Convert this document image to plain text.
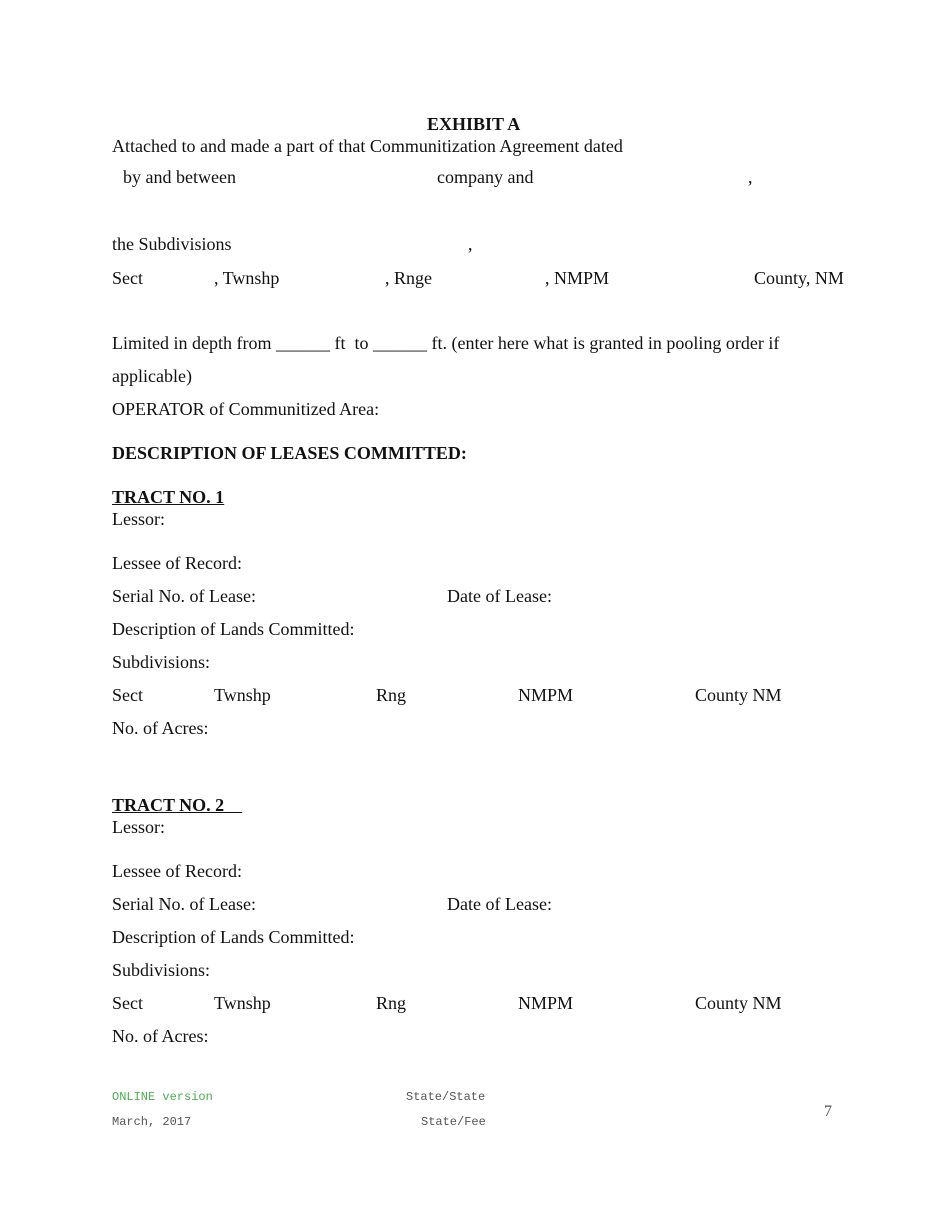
EXHIBIT A
Attached to and made a part of that Communitization Agreement dated
by and between	company and	,
the Subdivisions	,
Sect	, Twnshp	, Rnge	, NMPM	County, NM
Limited in depth from ______ ft  to ______ ft. (enter here what is granted in pooling order if
applicable)
OPERATOR of Communitized Area:
DESCRIPTION OF LEASES COMMITTED:
TRACT NO. 1
Lessor:
Lessee of Record:
Serial No. of Lease:	Date of Lease:
Description of Lands Committed:
Subdivisions:
Sect	Twnshp	Rng	NMPM	County NM
No. of Acres:
TRACT NO. 2
Lessor:
Lessee of Record:
Serial No. of Lease:	Date of Lease:
Description of Lands Committed:
Subdivisions:
Sect	Twnshp	Rng	NMPM	County NM
No. of Acres:
ONLINE version
March, 2017
State/State
State/Fee
7
